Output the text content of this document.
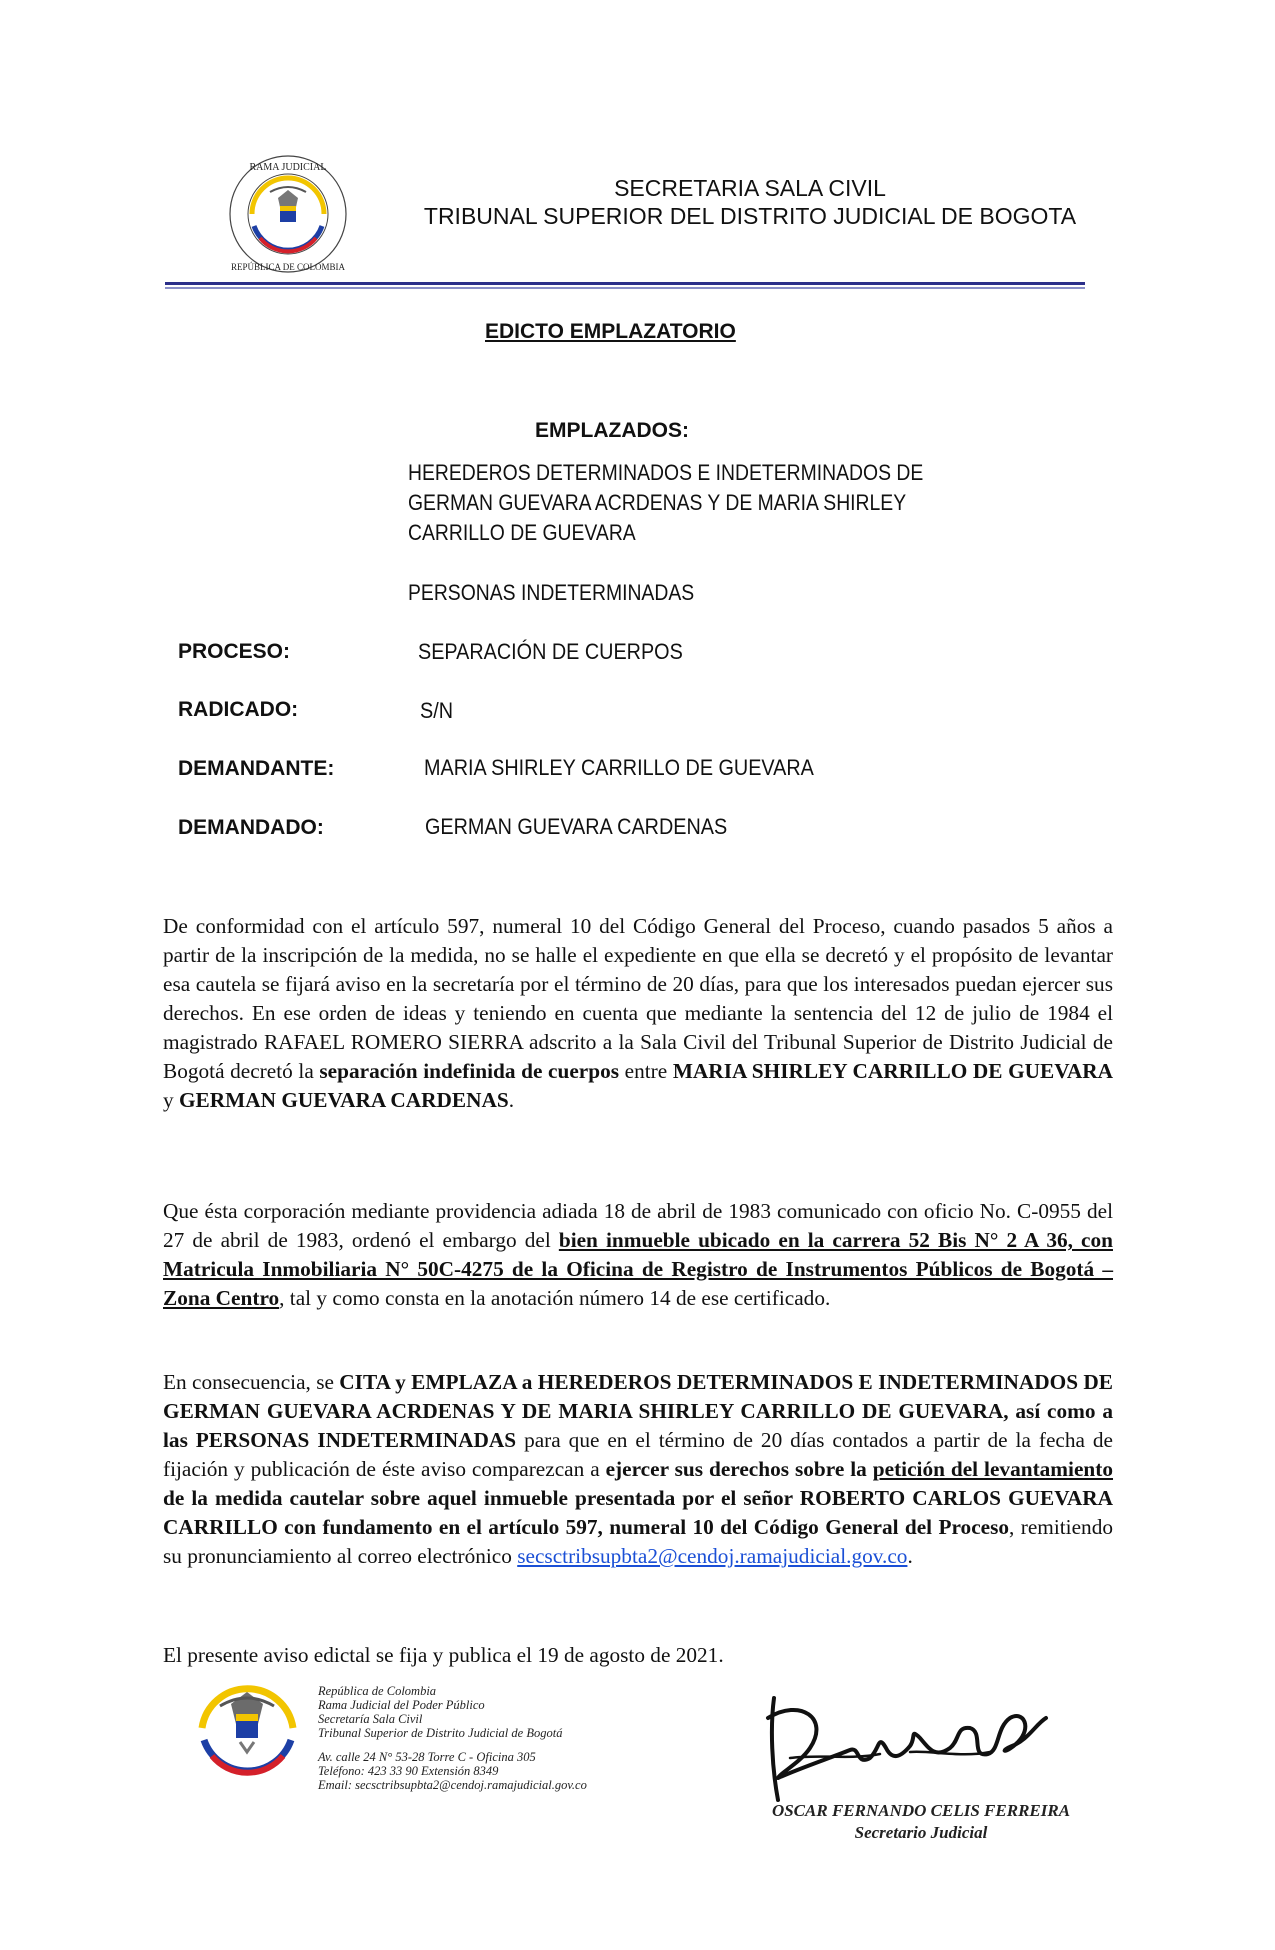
RAMA JUDICIAL
REPÚBLICA DE COLOMBIA
SECRETARIA SALA CIVIL
TRIBUNAL SUPERIOR DEL DISTRITO JUDICIAL DE BOGOTA
EDICTO EMPLAZATORIO
EMPLAZADOS:
HEREDEROS DETERMINADOS E INDETERMINADOS DE
GERMAN GUEVARA ACRDENAS Y DE MARIA SHIRLEY
CARRILLO DE GUEVARA
PERSONAS INDETERMINADAS
PROCESO:	SEPARACIÓN DE CUERPOS
RADICADO:	S/N
DEMANDANTE:	MARIA SHIRLEY CARRILLO DE GUEVARA
DEMANDADO:	GERMAN GUEVARA CARDENAS
De conformidad con el artículo 597, numeral 10 del Código General del Proceso, cuando pasados 5 años a partir de la inscripción de la medida, no se halle el expediente en que ella se decretó y el propósito de levantar esa cautela se fijará aviso en la secretaría por el término de 20 días, para que los interesados puedan ejercer sus derechos. En ese orden de ideas y teniendo en cuenta que mediante la sentencia del 12 de julio de 1984 el magistrado RAFAEL ROMERO SIERRA adscrito a la Sala Civil del Tribunal Superior de Distrito Judicial de Bogotá decretó la separación indefinida de cuerpos entre MARIA SHIRLEY CARRILLO DE GUEVARA y GERMAN GUEVARA CARDENAS.
Que ésta corporación mediante providencia adiada 18 de abril de 1983 comunicado con oficio No. C-0955 del 27 de abril de 1983, ordenó el embargo del bien inmueble ubicado en la carrera 52 Bis N° 2 A 36, con Matricula Inmobiliaria N° 50C-4275 de la Oficina de Registro de Instrumentos Públicos de Bogotá – Zona Centro, tal y como consta en la anotación número 14 de ese certificado.
En consecuencia, se CITA y EMPLAZA a HEREDEROS DETERMINADOS E INDETERMINADOS DE GERMAN GUEVARA ACRDENAS Y DE MARIA SHIRLEY CARRILLO DE GUEVARA, así como a las PERSONAS INDETERMINADAS para que en el término de 20 días contados a partir de la fecha de fijación y publicación de éste aviso comparezcan a ejercer sus derechos sobre la petición del levantamiento de la medida cautelar sobre aquel inmueble presentada por el señor ROBERTO CARLOS GUEVARA CARRILLO con fundamento en el artículo 597, numeral 10 del Código General del Proceso, remitiendo su pronunciamiento al correo electrónico secsctribsupbta2@cendoj.ramajudicial.gov.co.
El presente aviso edictal se fija y publica el 19 de agosto de 2021.
República de Colombia
Rama Judicial del Poder Público
Secretaría Sala Civil
Tribunal Superior de Distrito Judicial de Bogotá
Av. calle 24 N° 53-28 Torre C - Oficina 305
Teléfono: 423 33 90 Extensión 8349
Email: secsctribsupbta2@cendoj.ramajudicial.gov.co
OSCAR FERNANDO CELIS FERREIRA
Secretario Judicial
